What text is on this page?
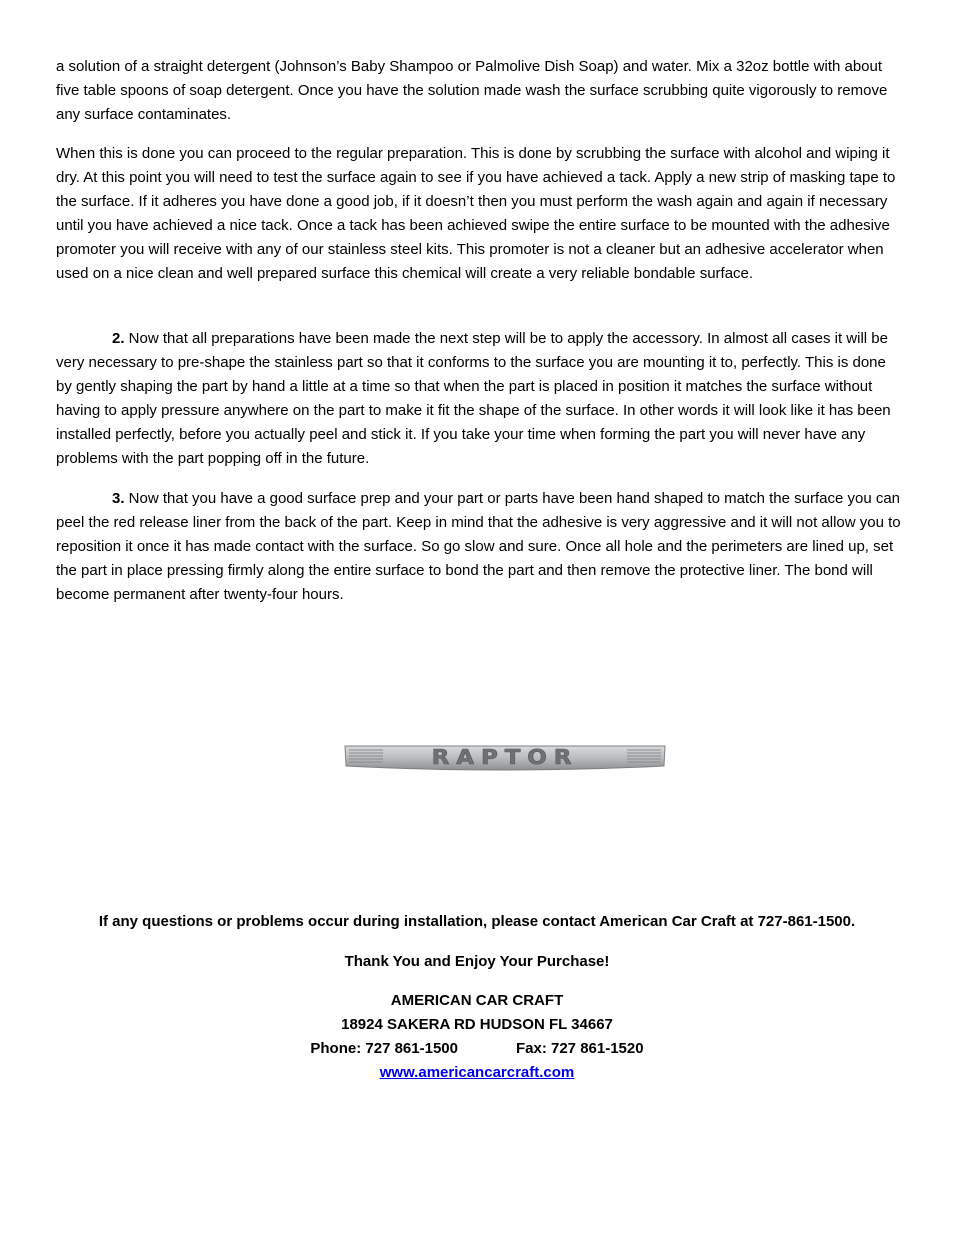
a solution of a straight detergent (Johnson’s Baby Shampoo or Palmolive Dish Soap) and water. Mix a 32oz bottle with about five table spoons of soap detergent. Once you have the solution made wash the surface scrubbing quite vigorously to remove any surface contaminates.

When this is done you can proceed to the regular preparation. This is done by scrubbing the surface with alcohol and wiping it dry. At this point you will need to test the surface again to see if you have achieved a tack. Apply a new strip of masking tape to the surface. If it adheres you have done a good job, if it doesn’t then you must perform the wash again and again if necessary until you have achieved a nice tack. Once a tack has been achieved swipe the entire surface to be mounted with the adhesive promoter you will receive with any of our stainless steel kits. This promoter is not a cleaner but an adhesive accelerator when used on a nice clean and well prepared surface this chemical will create a very reliable bondable surface.

2. Now that all preparations have been made the next step will be to apply the accessory. In almost all cases it will be very necessary to pre-shape the stainless part so that it conforms to the surface you are mounting it to, perfectly. This is done by gently shaping the part by hand a little at a time so that when the part is placed in position it matches the surface without having to apply pressure anywhere on the part to make it fit the shape of the surface. In other words it will look like it has been installed perfectly, before you actually peel and stick it. If you take your time when forming the part you will never have any problems with the part popping off in the future.

3. Now that you have a good surface prep and your part or parts have been hand shaped to match the surface you can peel the red release liner from the back of the part. Keep in mind that the adhesive is very aggressive and it will not allow you to reposition it once it has made contact with the surface. So go slow and sure. Once all hole and the perimeters are lined up, set the part in place pressing firmly along the entire surface to bond the part and then remove the protective liner. The bond will become permanent after twenty-four hours.

RAPTOR

If any questions or problems occur during installation, please contact American Car Craft at 727-861-1500.

Thank You and Enjoy Your Purchase!

AMERICAN CAR CRAFT

18924 SAKERA RD HUDSON FL 34667

Phone: 727 861-1500	Fax: 727 861-1520

www.americancarcraft.com
